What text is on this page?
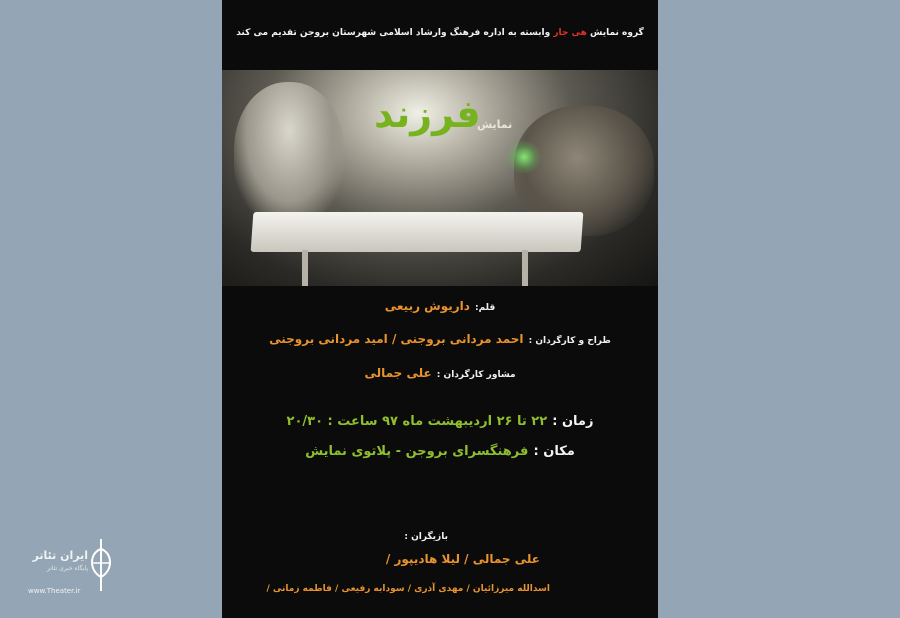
گروه نمایش هی جار وابسته به اداره فرهنگ وارشاد اسلامی شهرستان بروجن تقدیم می کند
نمایش
فرزند
قلم: داریوش ربیعی
طراح و کارگردان : احمد مردانی بروجنی / امید مردانی بروجنی
مشاور کارگردان : علی جمالی
زمان : ۲۲ تا ۲۶ اردیبهشت ماه ۹۷ ساعت : ۲۰/۳۰
مکان : فرهنگسرای بروجن - پلاتوی نمایش
بازیگران :
علی جمالی / لیلا هادیپور /
اسدالله میرزائیان / مهدی آذری / سودابه رفیعی / فاطمه زمانی /
ایران تئاتر
پایگاه خبری تئاتر
www.Theater.ir
